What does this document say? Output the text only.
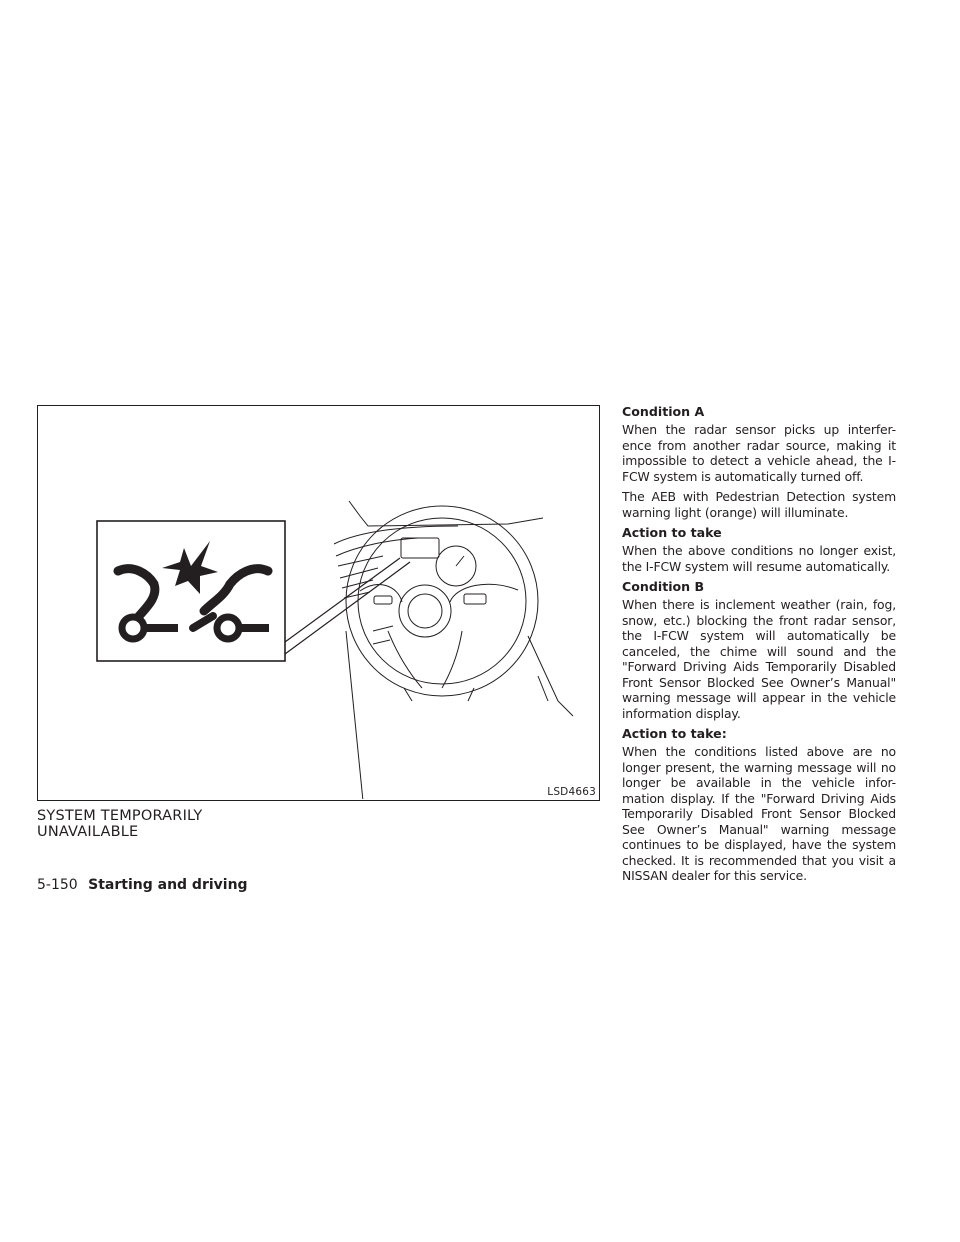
LSD4663
SYSTEM TEMPORARILY
UNAVAILABLE
Condition A

When the radar sensor picks up interfer-ence from another radar source, making it impossible to detect a vehicle ahead, the I-FCW system is automatically turned off.

The AEB with Pedestrian Detection system warning light (orange) will illuminate.

Action to take

When the above conditions no longer exist, the I-FCW system will resume automatically.

Condition B

When there is inclement weather (rain, fog, snow, etc.) blocking the front radar sensor, the I-FCW system will automatically be canceled, the chime will sound and the "Forward Driving Aids Temporarily Disabled Front Sensor Blocked See Owner’s Manual" warning message will appear in the vehicle information display.

Action to take:

When the conditions listed above are no longer present, the warning message will no longer be available in the vehicle infor-mation display. If the "Forward Driving Aids Temporarily Disabled Front Sensor Blocked See Owner’s Manual" warning message continues to be displayed, have the system checked. It is recommended that you visit a NISSAN dealer for this service.

5-150 Starting and driving
